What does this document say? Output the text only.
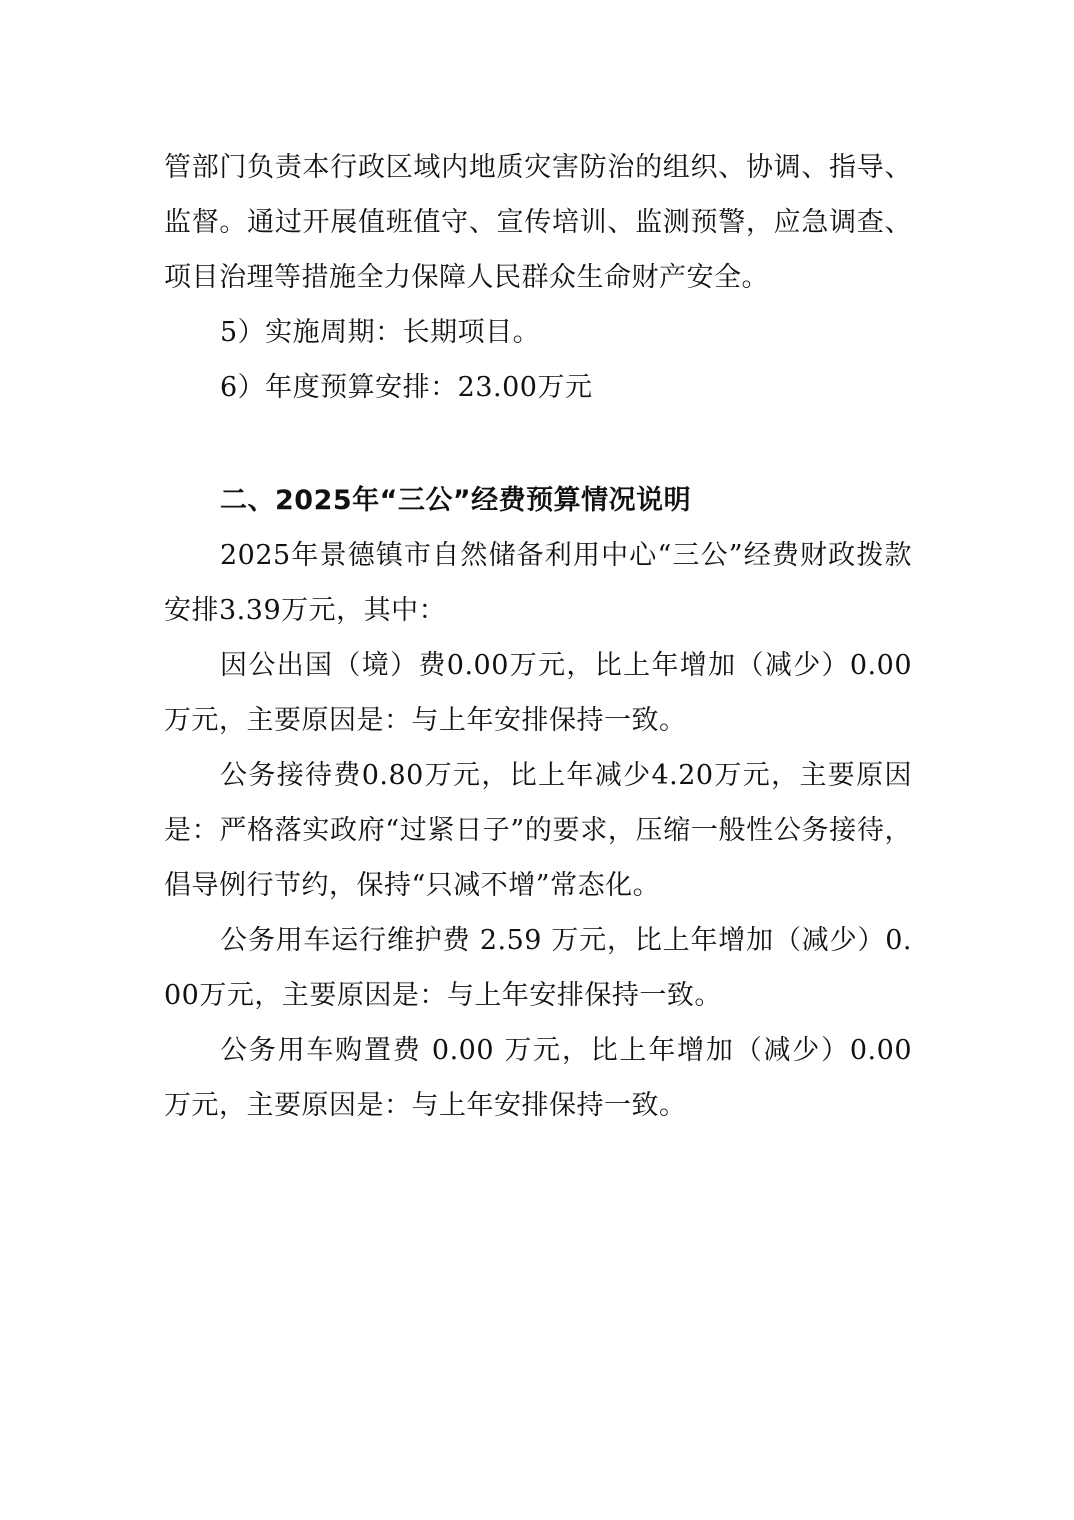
管部门负责本行政区域内地质灾害防治的组织、协调、指导、监督。通过开展值班值守、宣传培训、监测预警，应急调查、项目治理等措施全力保障人民群众生命财产安全。

5）实施周期：长期项目。

6）年度预算安排：23.00万元

二、2025年“三公”经费预算情况说明

2025年景德镇市自然储备利用中心“三公”经费财政拨款安排3.39万元，其中：

因公出国（境）费0.00万元，比上年增加（减少）0.00万元，主要原因是：与上年安排保持一致。

公务接待费0.80万元，比上年减少4.20万元，主要原因是：严格落实政府“过紧日子”的要求，压缩一般性公务接待，倡导例行节约，保持“只减不增”常态化。

公务用车运行维护费 2.59 万元，比上年增加（减少）0.00万元，主要原因是：与上年安排保持一致。

公务用车购置费 0.00 万元，比上年增加（减少）0.00万元，主要原因是：与上年安排保持一致。
